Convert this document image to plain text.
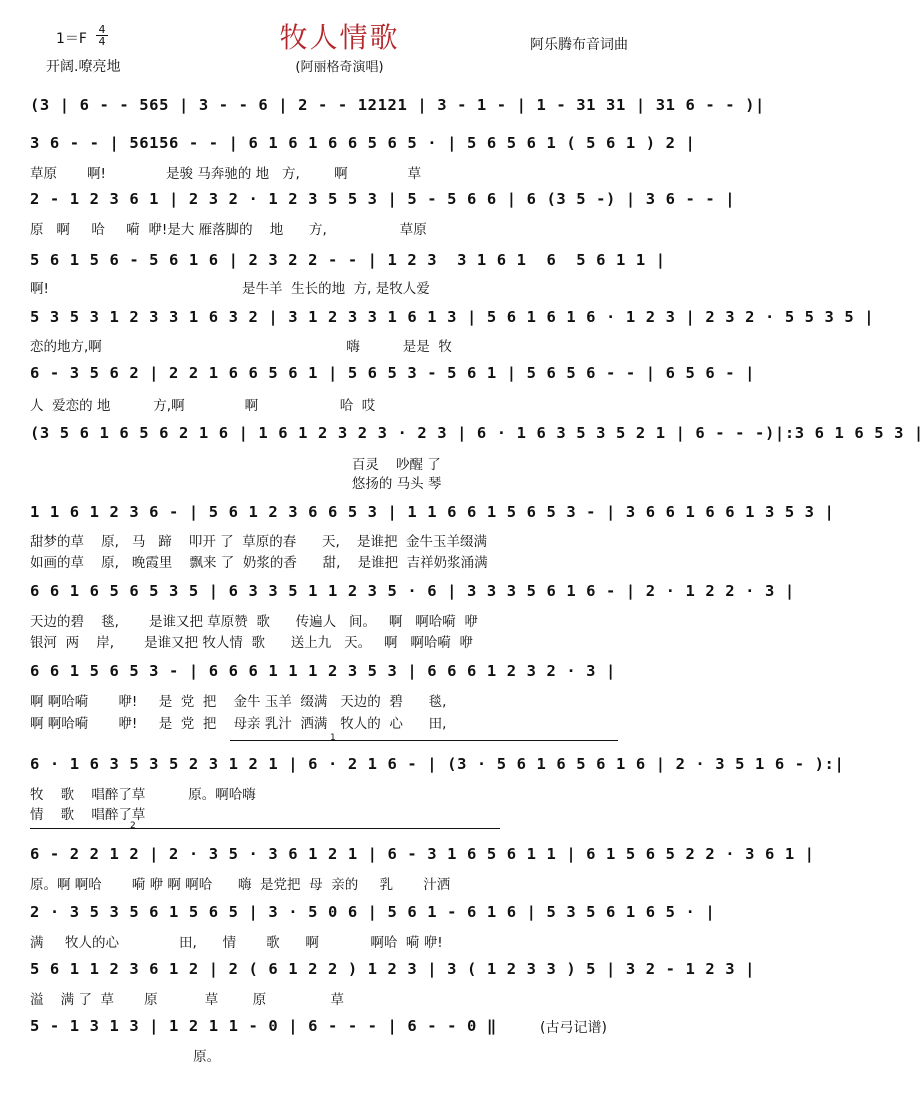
牧人情歌
(阿丽格奇演唱)
$1=F \frac{4}{4}$
开阔.嘹亮地
阿乐腾布音词曲
(3 | 6 - - 565 | 3 - - 6 | 2 - - 12121 | 3 - 1 - | 1 - 31 31 | 31 6 - - )|
3 6 - - | 56156 - - | 6 1 6 1 6 6 5 6 5 · | 5 6 5 6 1 ( 5 6 1 ) 2 |
草原       啊!              是骏 马奔驰的 地   方,        啊              草
2 - 1 2 3 6 1 | 2 3 2 · 1 2 3 5 5 3 | 5 - 5 6 6 | 6 (3 5 -) | 3 6 - - |
原   啊     哈     嗬  咿!是大 雁落脚的    地      方,                 草原
5 6 1 5 6 - 5 6 1 6 | 2 3 2 2 - - | 1 2 3  3 1 6 1  6  5 6 1 1 |
啊!                                             是牛羊  生长的地  方, 是牧人爱
5 3 5 3 1 2 3 3 1 6 3 2 | 3 1 2 3 3 1 6 1 3 | 5 6 1 6 1 6 · 1 2 3 | 2 3 2 · 5 5 3 5 |
恋的地方,啊                                                         嗨          是是  牧
6 - 3 5 6 2 | 2 2 1 6 6 5 6 1 | 5 6 5 3 - 5 6 1 | 5 6 5 6 - - | 6 5 6 - |
人  爱恋的 地          方,啊              啊                   哈  哎
(3 5 6 1 6 5 6 2 1 6 | 1 6 1 2 3 2 3 · 2 3 | 6 · 1 6 3 5 3 5 2 1 | 6 - - -)|:3 6 1 6 5 3 |
百灵    吵醒 了
悠扬的 马头 琴
1 1 6 1 2 3 6 - | 5 6 1 2 3 6 6 5 3 | 1 1 6 6 1 5 6 5 3 - | 3 6 6 1 6 6 1 3 5 3 |
甜梦的草    原,   马   蹄    叩开 了  草原的春      天,    是谁把  金牛玉羊缀满
如画的草    原,   晚霞里    飘来 了  奶浆的香      甜,    是谁把  吉祥奶浆涌满
6 6 1 6 5 6 5 3 5 | 6 3 3 5 1 1 2 3 5 · 6 | 3 3 3 5 6 1 6 - | 2 · 1 2 2 · 3 |
天边的碧    毯,       是谁又把 草原赞  歌      传遍人   间。   啊   啊哈嗬  咿
银河  两    岸,       是谁又把 牧人情  歌      送上九   天。   啊   啊哈嗬  咿
6 6 1 5 6 5 3 - | 6 6 6 1 1 1 2 3 5 3 | 6 6 6 1 2 3 2 · 3 |
啊 啊哈嗬       咿!     是  党  把    金牛 玉羊  缀满   天边的  碧      毯,
啊 啊哈嗬       咿!     是  党  把    母亲 乳汁  洒满   牧人的  心      田,
1
6 · 1 6 3 5 3 5 2 3 1 2 1 | 6 · 2 1 6 - | (3 · 5 6 1 6 5 6 1 6 | 2 · 3 5 1 6 - ):|
牧    歌    唱醉了草          原。啊哈嗨
情    歌    唱醉了草
2
6 - 2 2 1 2 | 2 · 3 5 · 3 6 1 2 1 | 6 - 3 1 6 5 6 1 1 | 6 1 5 6 5 2 2 · 3 6 1 |
原。啊 啊哈       嗬 咿 啊 啊哈      嗨  是党把  母  亲的     乳       汁洒
2 · 3 5 3 5 6 1 5 6 5 | 3 · 5 0 6 | 5 6 1 - 6 1 6 | 5 3 5 6 1 6 5 · |
满     牧人的心              田,      情       歌      啊            啊哈  嗬 咿!
5 6 1 1 2 3 6 1 2 | 2 ( 6 1 2 2 ) 1 2 3 | 3 ( 1 2 3 3 ) 5 | 3 2 - 1 2 3 |
溢    满 了  草       原           草        原               草
5 - 1 3 1 3 | 1 2 1 1 - 0 | 6 - - - | 6 - - 0 ‖
原。
(古弓记谱)
